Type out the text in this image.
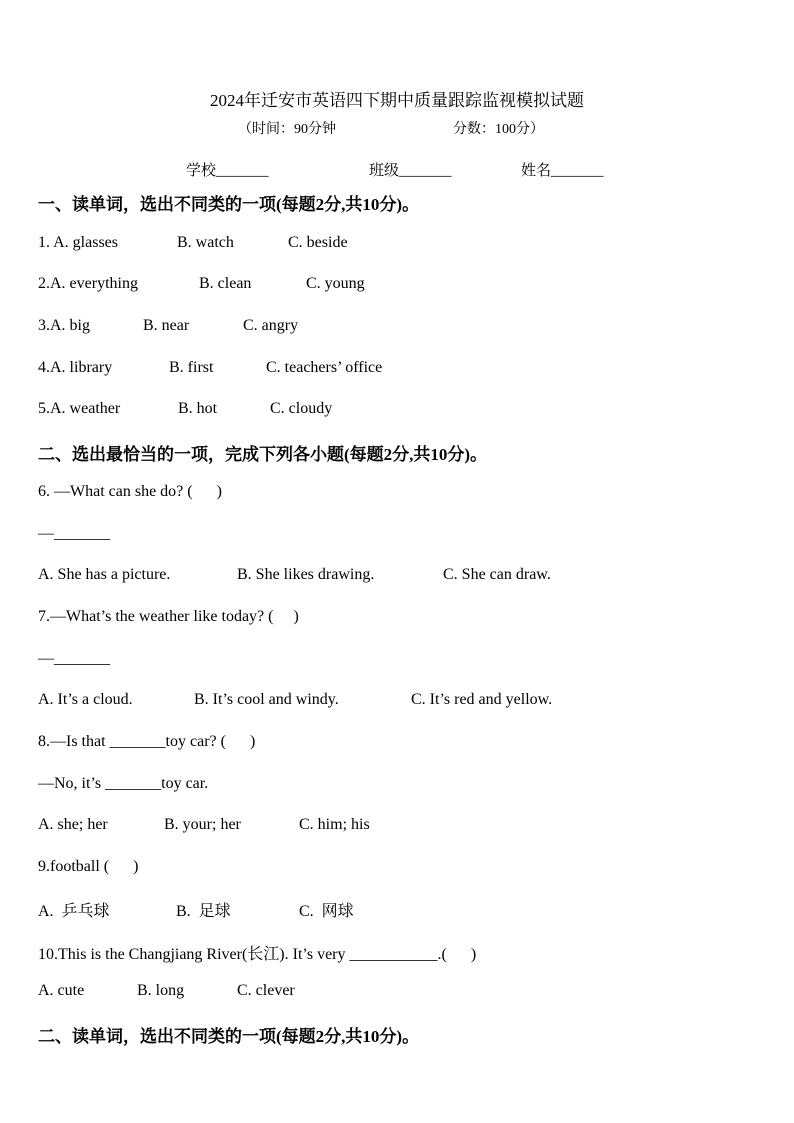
2024年迁安市英语四下期中质量跟踪监视模拟试题
（时间：90分钟	分数：100分）
学校_______	班级_______	姓名_______
一、读单词，选出不同类的一项(每题2分,共10分)。
1. A. glasses	B. watch	C. beside
2.A. everything	B. clean	C. young
3.A. big	B. near	C. angry
4.A. library	B. first	C. teachers’ office
5.A. weather	B. hot	C. cloudy
二、选出最恰当的一项，完成下列各小题(每题2分,共10分)。
6. —What can she do? (      )
—_______
A. She has a picture.	B. She likes drawing.	C. She can draw.
7.—What’s the weather like today? (     )
—_______
A. It’s a cloud.	B. It’s cool and windy.	C. It’s red and yellow.
8.—Is that _______toy car? (      )
—No, it’s _______toy car.
A. she; her	B. your; her	C. him; his
9.football (      )
A.  乒乓球	B.  足球	C.  网球
10.This is the Changjiang River(长江). It’s very ___________.(      )
A. cute	B. long	C. clever
二、读单词，选出不同类的一项(每题2分,共10分)。
